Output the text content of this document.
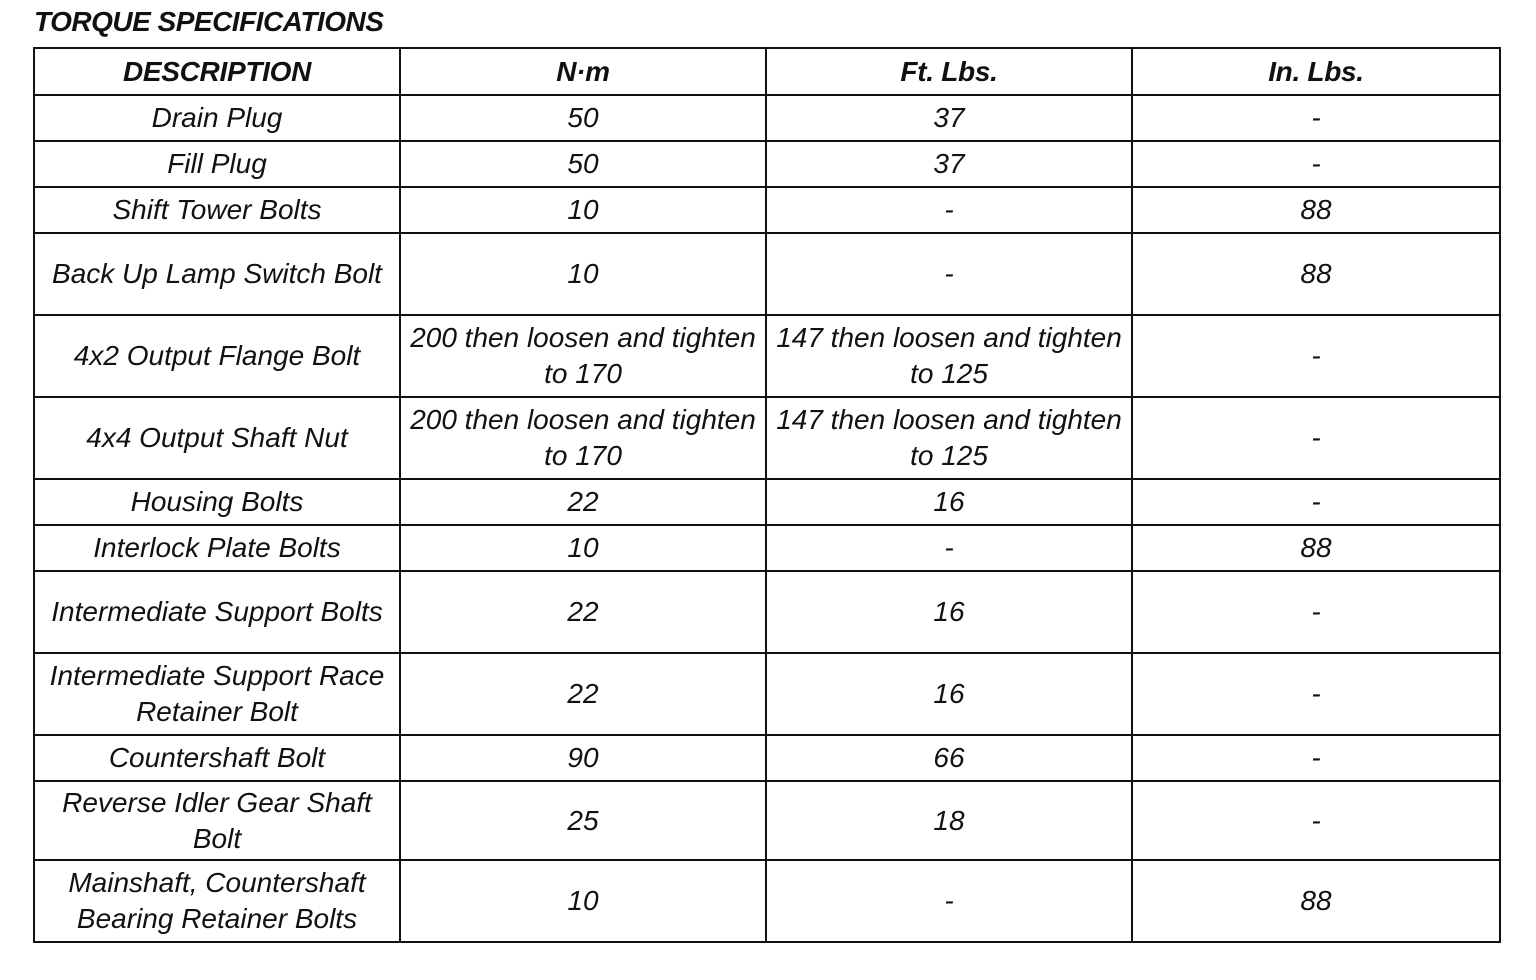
TORQUE SPECIFICATIONS
DESCRIPTION	N·m	Ft. Lbs.	In. Lbs.
Drain Plug	50	37	-
Fill Plug	50	37	-
Shift Tower Bolts	10	-	88
Back Up Lamp Switch Bolt	10	-	88
4x2 Output Flange Bolt	200 then loosen and tighten to 170	147 then loosen and tighten to 125	-
4x4 Output Shaft Nut	200 then loosen and tighten to 170	147 then loosen and tighten to 125	-
Housing Bolts	22	16	-
Interlock Plate Bolts	10	-	88
Intermediate Support Bolts	22	16	-
Intermediate Support Race Retainer Bolt	22	16	-
Countershaft Bolt	90	66	-
Reverse Idler Gear Shaft Bolt	25	18	-
Mainshaft, Countershaft Bearing Retainer Bolts	10	-	88
